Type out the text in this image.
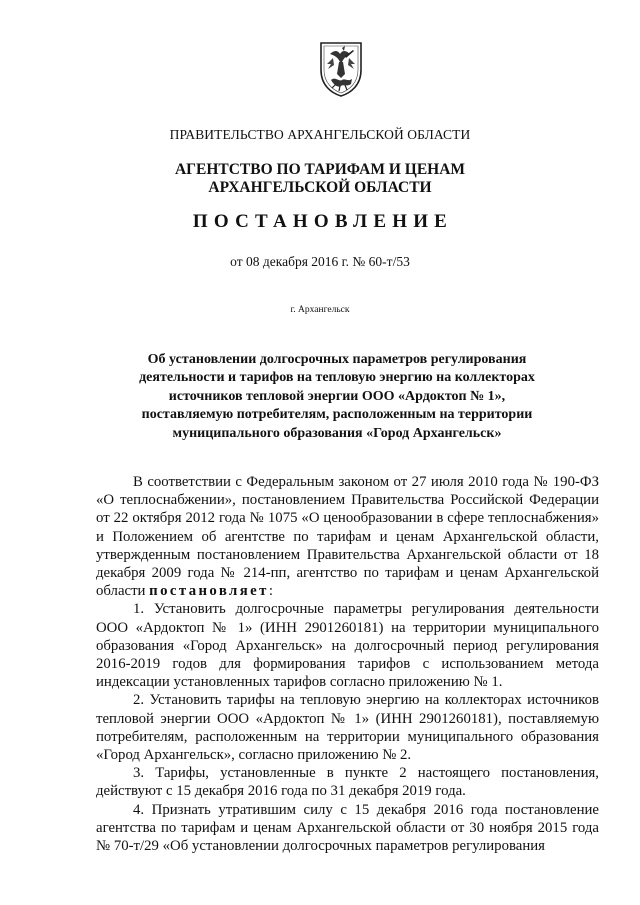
ПРАВИТЕЛЬСТВО АРХАНГЕЛЬСКОЙ ОБЛАСТИ
АГЕНТСТВО ПО ТАРИФАМ И ЦЕНАМ
АРХАНГЕЛЬСКОЙ ОБЛАСТИ
ПОСТАНОВЛЕНИЕ
от 08 декабря 2016 г. № 60-т/53
г. Архангельск
Об установлении долгосрочных параметров регулирования
деятельности и тарифов на тепловую энергию на коллекторах
источников тепловой энергии ООО «Ардоктоп № 1»,
поставляемую потребителям, расположенным на территории
муниципального образования «Город Архангельск»

В соответствии с Федеральным законом от 27 июля 2010 года № 190-ФЗ «О теплоснабжении», постановлением Правительства Российской Федерации от 22 октября 2012 года № 1075 «О ценообразовании в сфере теплоснабжения» и Положением об агентстве по тарифам и ценам Архангельской области, утвержденным постановлением Правительства Архангельской области от 18 декабря 2009 года № 214-пп, агентство по тарифам и ценам Архангельской области постановляет:

1. Установить долгосрочные параметры регулирования деятельности ООО «Ардоктоп № 1» (ИНН 2901260181) на территории муниципального образования «Город Архангельск» на долгосрочный период регулирования 2016-2019 годов для формирования тарифов с использованием метода индексации установленных тарифов согласно приложению № 1.

2. Установить тарифы на тепловую энергию на коллекторах источников тепловой энергии ООО «Ардоктоп № 1» (ИНН 2901260181), поставляемую потребителям, расположенным на территории муниципального образования «Город Архангельск», согласно приложению № 2.

3. Тарифы, установленные в пункте 2 настоящего постановления, действуют с 15 декабря 2016 года по 31 декабря 2019 года.

4. Признать утратившим силу с 15 декабря 2016 года постановление агентства по тарифам и ценам Архангельской области от 30 ноября 2015 года № 70-т/29 «Об установлении долгосрочных параметров регулирования
